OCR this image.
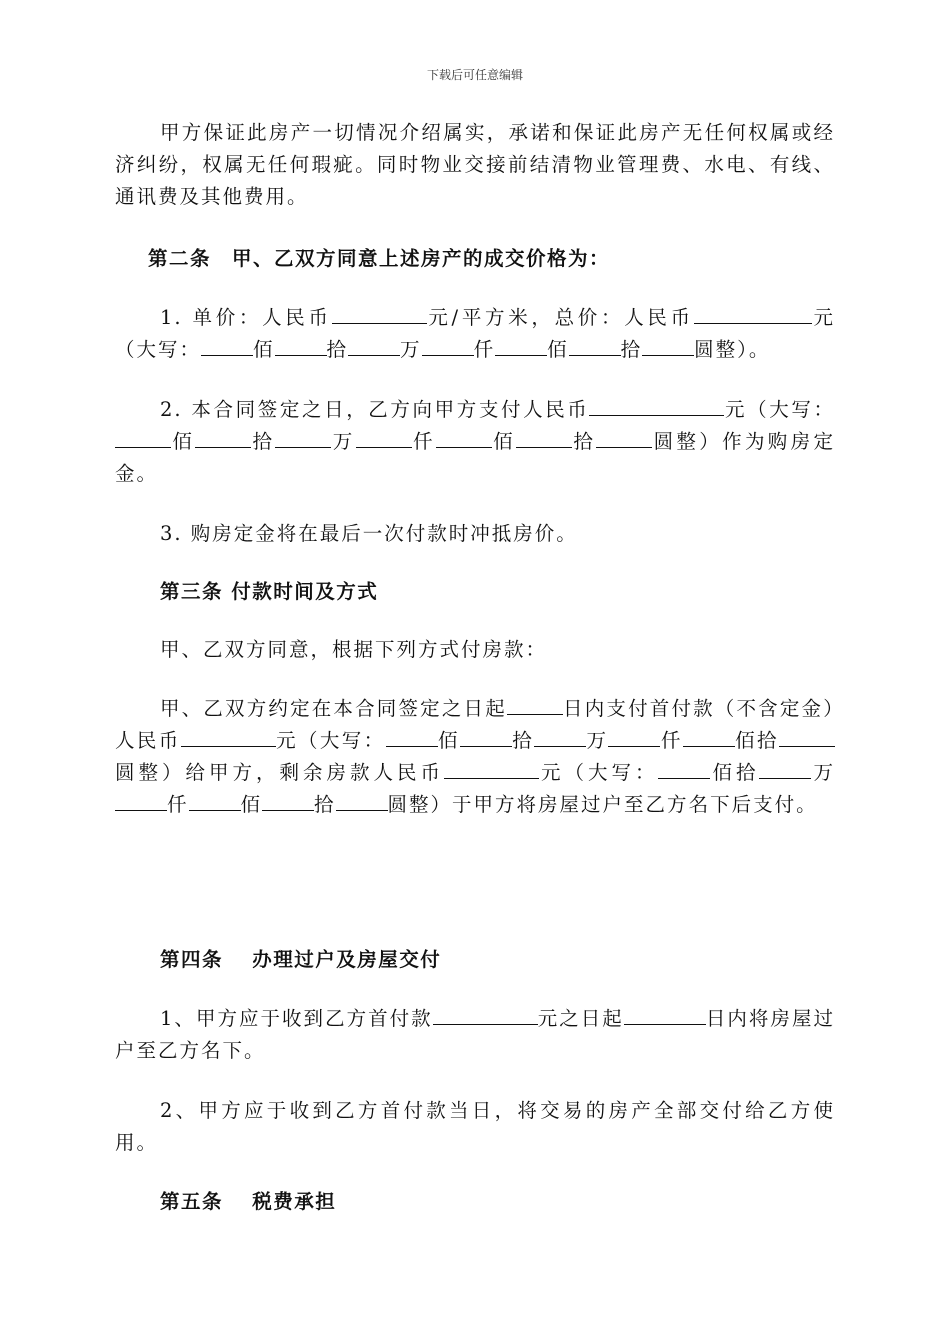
下载后可任意编辑
甲方保证此房产一切情况介绍属实，承诺和保证此房产无任何权属或经济纠纷，权属无任何瑕疵。同时物业交接前结清物业管理费、水电、有线、通讯费及其他费用。
第二条　甲、乙双方同意上述房产的成交价格为：
1. 单价：人民币	元/平方米，总价：人民币	元（大写：	佰	拾	万	仟	佰	拾	圆整）。
2. 本合同签定之日，乙方向甲方支付人民币	元（大写：佰	拾	万	仟	佰	拾	圆整）作为购房定金。
3. 购房定金将在最后一次付款时冲抵房价。
第三条 付款时间及方式
甲、乙双方同意，根据下列方式付房款：
甲、乙双方约定在本合同签定之日起	日内支付首付款（不含定金）人民币	元（大写：	佰	拾	万	仟	佰拾圆整）给甲方，剩余房款人民币	元（大写：	佰拾	万仟	佰	拾	圆整）于甲方将房屋过户至乙方名下后支付。
第四条　 办理过户及房屋交付
1、甲方应于收到乙方首付款	元之日起	日内将房屋过户至乙方名下。
2、甲方应于收到乙方首付款当日，将交易的房产全部交付给乙方使用。
第五条　 税费承担
